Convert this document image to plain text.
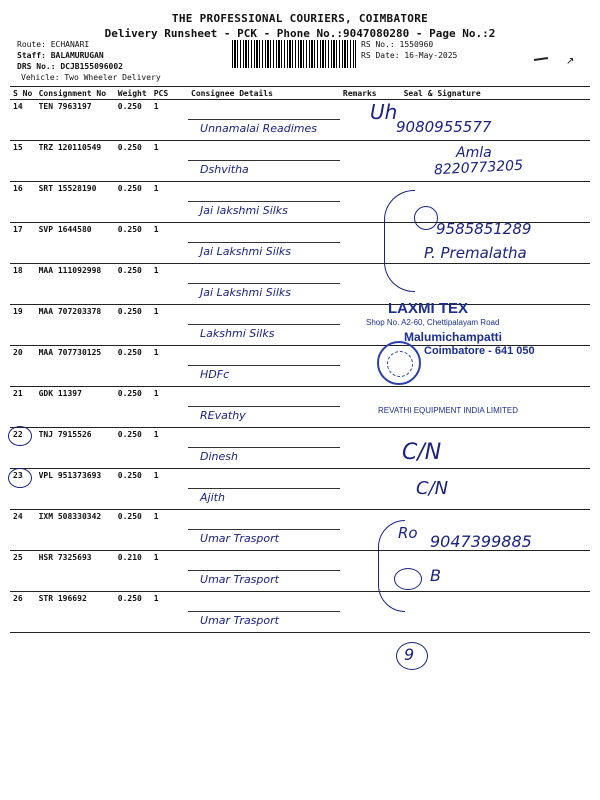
THE PROFESSIONAL COURIERS, COIMBATORE
Delivery Runsheet - PCK - Phone No.:9047080280 - Page No.:2
Route: ECHANARI
Staff: BALAMURUGAN
DRS No.: DCJB155096002
Vehicle: Two Wheeler Delivery
RS No.: 1550960
RS Date: 16-May-2025
↗
S No	Consignment No	Weight	PCS	Consignee Details	Remarks	Seal & Signature
14	TEN 7963197	0.250	1	Unnamalai Readimes		

15	TRZ 120110549	0.250	1	Dshvitha		

16	SRT 15528190	0.250	1	Jai lakshmi Silks		

17	SVP 1644580	0.250	1	Jai Lakshmi Silks		

18	MAA 111092998	0.250	1	Jai Lakshmi Silks		

19	MAA 707203378	0.250	1	Lakshmi Silks		

20	MAA 707730125	0.250	1	HDFc		

21	GDK 11397	0.250	1	REvathy		

22	TNJ 7915526	0.250	1	Dinesh		

23	VPL 951373693	0.250	1	Ajith		

24	IXM 508330342	0.250	1	Umar Trasport		

25	HSR 7325693	0.210	1	Umar Trasport		

26	STR 196692	0.250	1	Umar Trasport		

Uh
9080955577
Amla
8220773205
9585851289
P. Premalatha
LAXMI TEX
Shop No. A2-60, Chettipalayam Road
Malumichampatti
Coimbatore - 641 050
REVATHI EQUIPMENT INDIA LIMITED
C/N
C/N
Ro 9047399885
B
9
